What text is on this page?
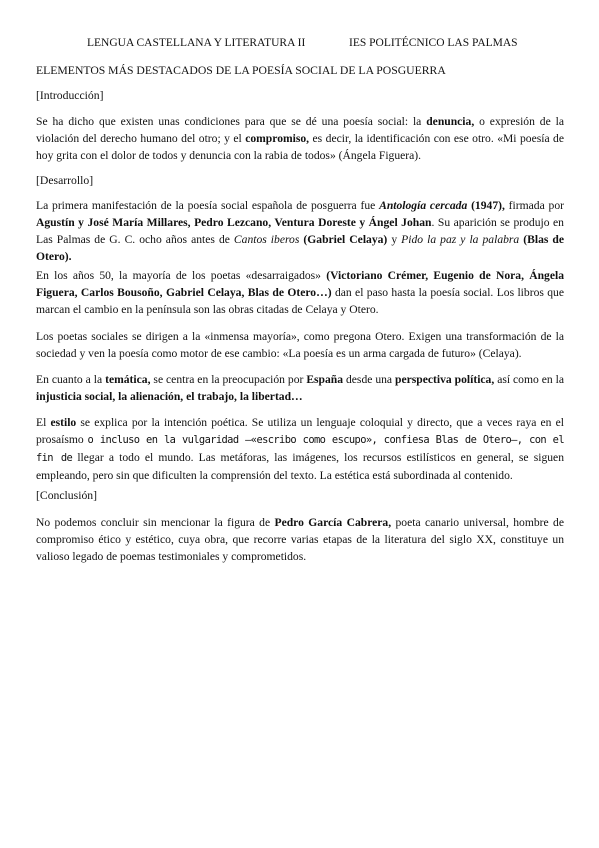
LENGUA CASTELLANA Y LITERATURA II	IES POLITÉCNICO LAS PALMAS
ELEMENTOS MÁS DESTACADOS DE LA POESÍA SOCIAL DE LA POSGUERRA
[Introducción]

Se ha dicho que existen unas condiciones para que se dé una poesía social: la denuncia, o expresión de la violación del derecho humano del otro; y el compromiso, es decir, la identificación con ese otro. «Mi poesía de hoy grita con el dolor de todos y denuncia con la rabia de todos» (Ángela Figuera).

[Desarrollo]

La primera manifestación de la poesía social española de posguerra fue Antología cercada (1947), firmada por Agustín y José María Millares, Pedro Lezcano, Ventura Doreste y Ángel Johan. Su aparición se produjo en Las Palmas de G. C. ocho años antes de Cantos iberos (Gabriel Celaya) y Pido la paz y la palabra (Blas de Otero).

En los años 50, la mayoría de los poetas «desarraigados» (Victoriano Crémer, Eugenio de Nora, Ángela Figuera, Carlos Bousoño, Gabriel Celaya, Blas de Otero…) dan el paso hasta la poesía social. Los libros que marcan el cambio en la península son las obras citadas de Celaya y Otero.

Los poetas sociales se dirigen a la «inmensa mayoría», como pregona Otero. Exigen una transformación de la sociedad y ven la poesía como motor de ese cambio: «La poesía es un arma cargada de futuro» (Celaya).

En cuanto a la temática, se centra en la preocupación por España desde una perspectiva política, así como en la injusticia social, la alienación, el trabajo, la libertad…

El estilo se explica por la intención poética. Se utiliza un lenguaje coloquial y directo, que a veces raya en el prosaísmo o incluso en la vulgaridad —«escribo como escupo», confiesa Blas de Otero—, con el fin de llegar a todo el mundo. Las metáforas, las imágenes, los recursos estilísticos en general, se siguen empleando, pero sin que dificulten la comprensión del texto. La estética está subordinada al contenido.

[Conclusión]

No podemos concluir sin mencionar la figura de Pedro García Cabrera, poeta canario universal, hombre de compromiso ético y estético, cuya obra, que recorre varias etapas de la literatura del siglo XX, constituye un valioso legado de poemas testimoniales y comprometidos.
